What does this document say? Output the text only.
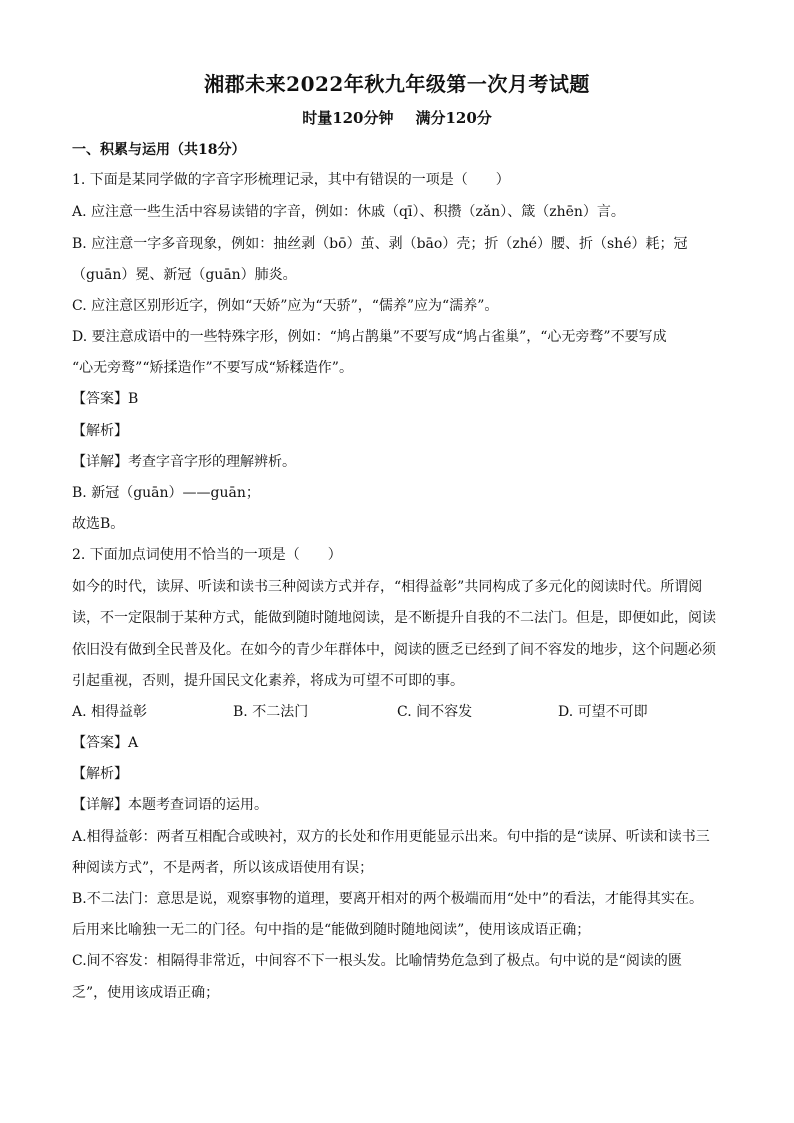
湘郡未来2022年秋九年级第一次月考试题
时量120分钟 满分120分
一、积累与运用（共18分）
1. 下面是某同学做的字音字形梳理记录，其中有错误的一项是（　　）
A. 应注意一些生活中容易读错的字音，例如：休戚（qī）、积攒（zǎn）、箴（zhēn）言。
B. 应注意一字多音现象，例如：抽丝剥（bō）茧、剥（bāo）壳；折（zhé）腰、折（shé）耗；冠
（guān）冕、新冠（guān）肺炎。
C. 应注意区别形近字，例如“天娇”应为“天骄”，“儒养”应为“濡养”。
D. 要注意成语中的一些特殊字形，例如：“鸠占鹊巢”不要写成“鸠占雀巢”，“心无旁骛”不要写成
“心无旁鹜”“矫揉造作”不要写成“矫糅造作”。
【答案】B
【解析】
【详解】考查字音字形的理解辨析。
B. 新冠（guān）——guān；
故选B。
2. 下面加点词使用不恰当的一项是（　　）
如今的时代，读屏、听读和读书三种阅读方式并存，“相得益彰”共同构成了多元化的阅读时代。所谓阅
读，不一定限制于某种方式，能做到随时随地阅读，是不断提升自我的不二法门。但是，即便如此，阅读
依旧没有做到全民普及化。在如今的青少年群体中，阅读的匮乏已经到了间不容发的地步，这个问题必须
引起重视，否则，提升国民文化素养，将成为可望不可即的事。
A. 相得益彰	B. 不二法门	C. 间不容发	D. 可望不可即
【答案】A
【解析】
【详解】本题考查词语的运用。
A.相得益彰：两者互相配合或映衬，双方的长处和作用更能显示出来。句中指的是“读屏、听读和读书三
种阅读方式”，不是两者，所以该成语使用有误；
B.不二法门：意思是说，观察事物的道理，要离开相对的两个极端而用“处中”的看法，才能得其实在。
后用来比喻独一无二的门径。句中指的是“能做到随时随地阅读”，使用该成语正确；
C.间不容发：相隔得非常近，中间容不下一根头发。比喻情势危急到了极点。句中说的是“阅读的匮
乏”，使用该成语正确；
